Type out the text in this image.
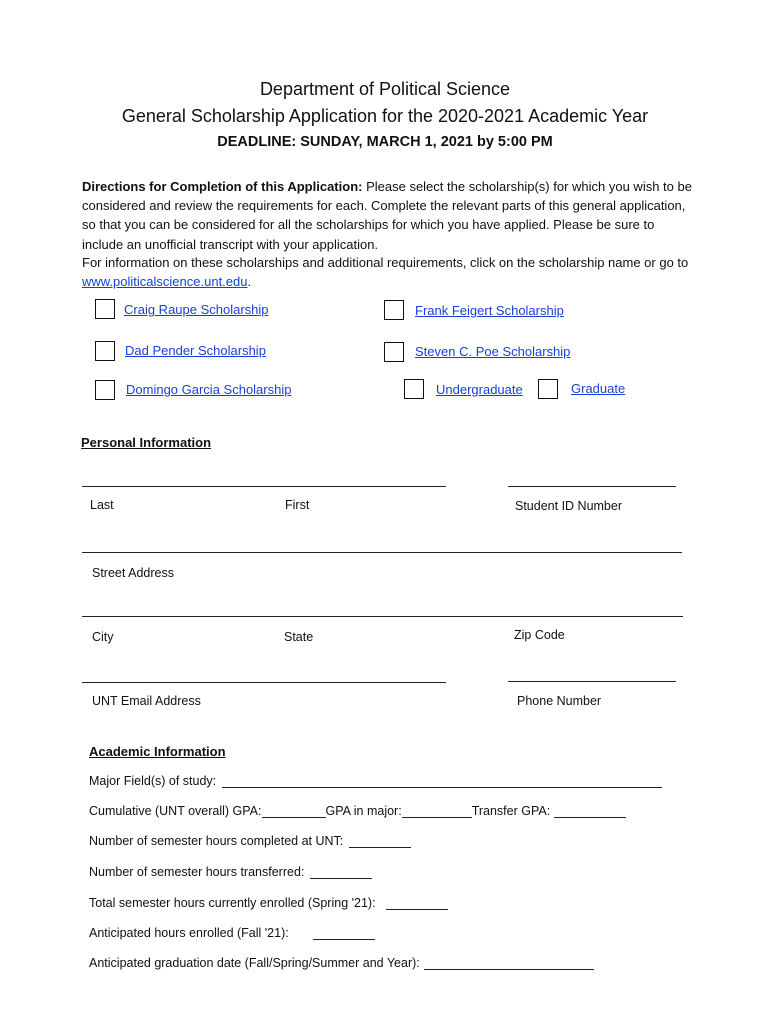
Department of Political Science
General Scholarship Application for the 2020-2021 Academic Year
DEADLINE: SUNDAY, MARCH 1, 2021 by 5:00 PM
Directions for Completion of this Application: Please select the scholarship(s) for which you wish to be considered and review the requirements for each. Complete the relevant parts of this general application, so that you can be considered for all the scholarships for which you have applied. Please be sure to include an unofficial transcript with your application.
For information on these scholarships and additional requirements, click on the scholarship name or go to www.politicalscience.unt.edu.
Craig Raupe Scholarship	Frank Feigert Scholarship
Dad Pender Scholarship	Steven C. Poe Scholarship
Domingo Garcia Scholarship	Undergraduate	Graduate
Personal Information
Last	First	Student ID Number
Street Address
City	State	Zip Code
UNT Email Address	Phone Number
Academic Information
Major Field(s) of study:
Cumulative (UNT overall) GPA:	GPA in major:	Transfer GPA:
Number of semester hours completed at UNT:
Number of semester hours transferred:
Total semester hours currently enrolled (Spring '21):
Anticipated hours enrolled (Fall '21):
Anticipated graduation date (Fall/Spring/Summer and Year):
